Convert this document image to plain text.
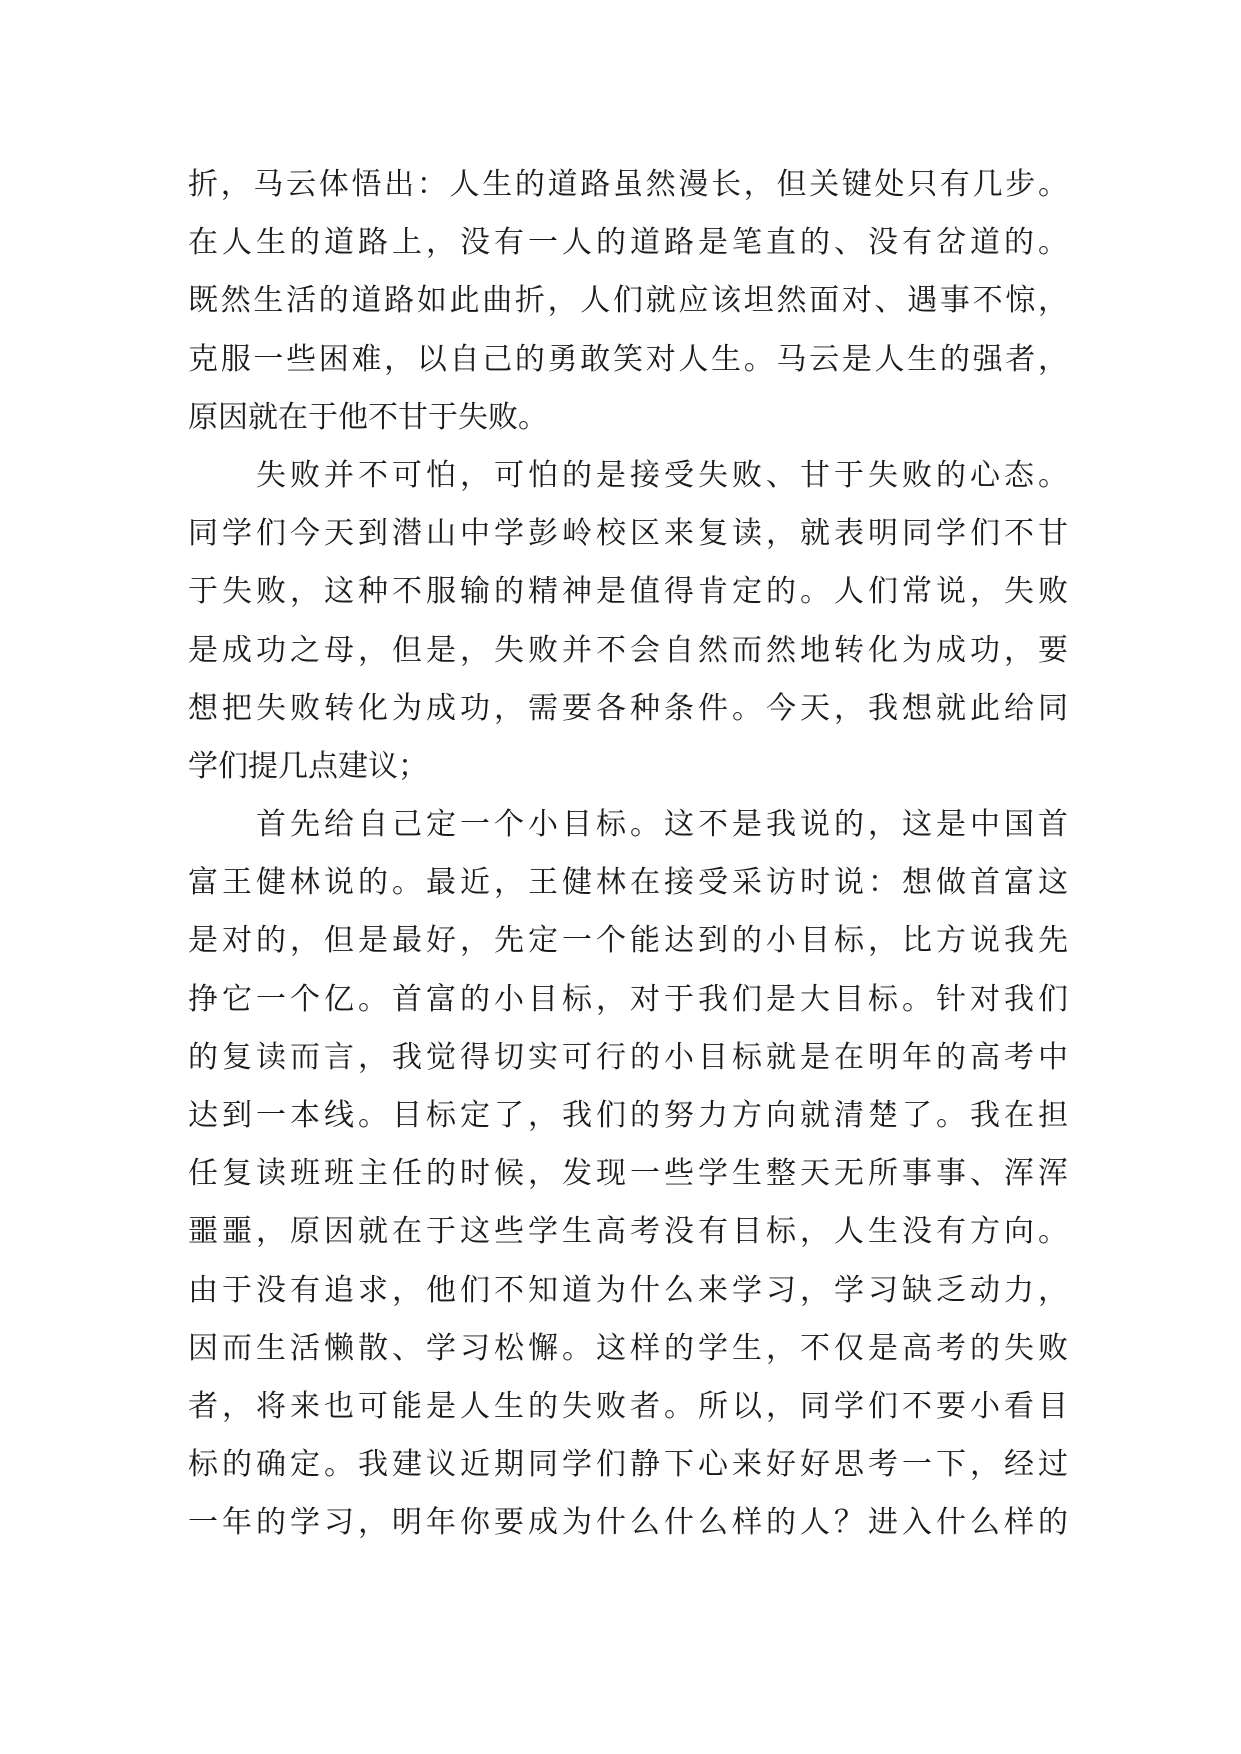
折，马云体悟出：人生的道路虽然漫长，但关键处只有几步。
在人生的道路上，没有一人的道路是笔直的、没有岔道的。
既然生活的道路如此曲折，人们就应该坦然面对、遇事不惊，
克服一些困难，以自己的勇敢笑对人生。马云是人生的强者，
原因就在于他不甘于失败。
失败并不可怕，可怕的是接受失败、甘于失败的心态。
同学们今天到潜山中学彭岭校区来复读，就表明同学们不甘
于失败，这种不服输的精神是值得肯定的。人们常说，失败
是成功之母，但是，失败并不会自然而然地转化为成功，要
想把失败转化为成功，需要各种条件。今天，我想就此给同
学们提几点建议；
首先给自己定一个小目标。这不是我说的，这是中国首
富王健林说的。最近，王健林在接受采访时说：想做首富这
是对的，但是最好，先定一个能达到的小目标，比方说我先
挣它一个亿。首富的小目标，对于我们是大目标。针对我们
的复读而言，我觉得切实可行的小目标就是在明年的高考中
达到一本线。目标定了，我们的努力方向就清楚了。我在担
任复读班班主任的时候，发现一些学生整天无所事事、浑浑
噩噩，原因就在于这些学生高考没有目标，人生没有方向。
由于没有追求，他们不知道为什么来学习，学习缺乏动力，
因而生活懒散、学习松懈。这样的学生，不仅是高考的失败
者，将来也可能是人生的失败者。所以，同学们不要小看目
标的确定。我建议近期同学们静下心来好好思考一下，经过
一年的学习，明年你要成为什么什么样的人？进入什么样的
